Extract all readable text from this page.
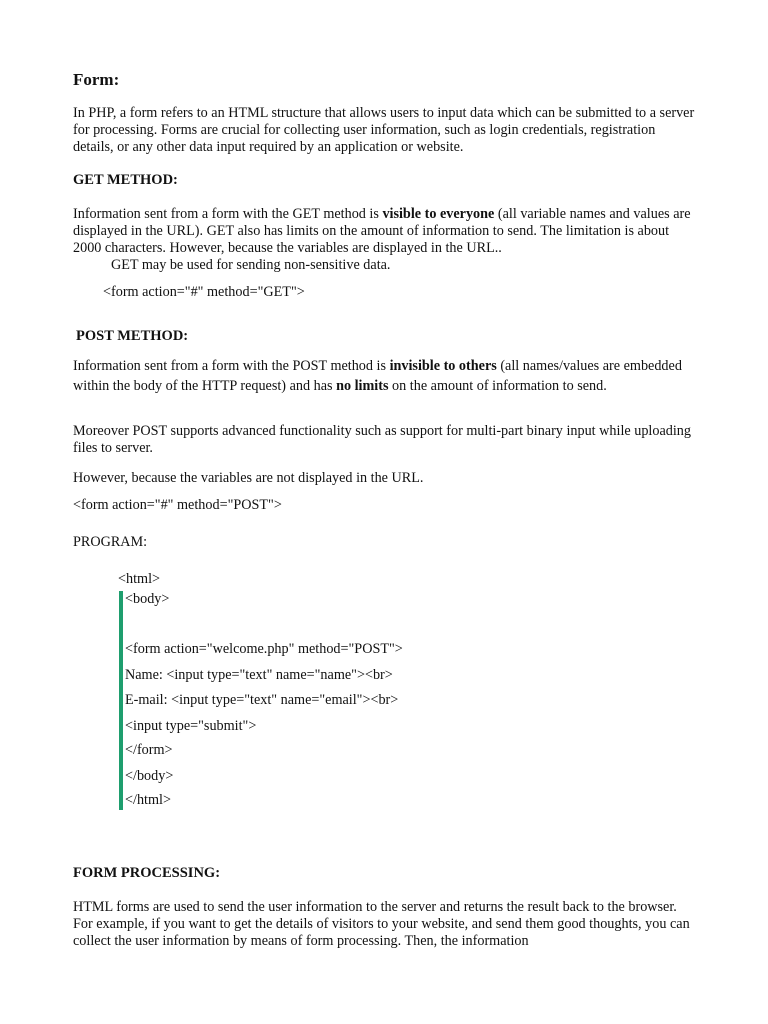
Form:
In PHP, a form refers to an HTML structure that allows users to input data which can be submitted to a server for processing. Forms are crucial for collecting user information, such as login credentials, registration details, or any other data input required by an application or website.
GET METHOD:
Information sent from a form with the GET method is visible to everyone (all variable names and values are displayed in the URL). GET also has limits on the amount of information to send. The limitation is about 2000 characters. However, because the variables are displayed in the URL..
GET may be used for sending non-sensitive data.
<form action="#" method="GET">
POST METHOD:
Information sent from a form with the POST method is invisible to others (all names/values are embedded within the body of the HTTP request) and has no limits on the amount of information to send.
Moreover POST supports advanced functionality such as support for multi-part binary input while uploading files to server.
However, because the variables are not displayed in the URL.
<form action="#" method="POST">
PROGRAM:
<html>
<body>
<form action="welcome.php" method="POST">
Name: <input type="text" name="name"><br>
E-mail: <input type="text" name="email"><br>
<input type="submit">
</form>
</body>
</html>
FORM PROCESSING:
HTML forms are used to send the user information to the server and returns the result back to the browser. For example, if you want to get the details of visitors to your website, and send them good thoughts, you can collect the user information by means of form processing. Then, the information
